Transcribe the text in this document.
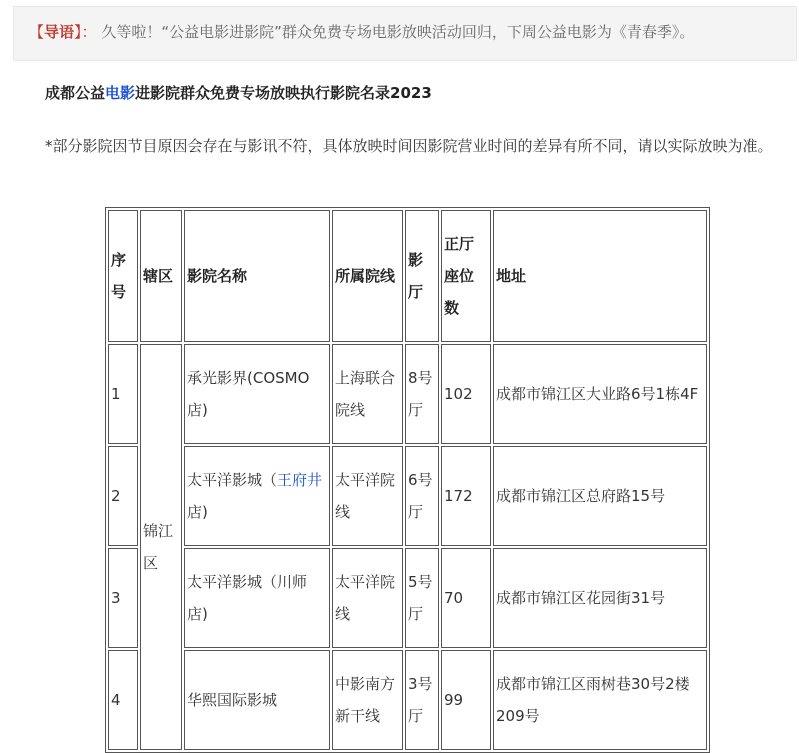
【导语】： 久等啦！“公益电影进影院”群众免费专场电影放映活动回归，下周公益电影为《青春季》。
成都公益电影进影院群众免费专场放映执行影院名录2023
*部分影院因节目原因会存在与影讯不符，具体放映时间因影院营业时间的差异有所不同，请以实际放映为准。
序号	辖区	影院名称	所属院线	影厅	正厅座位数	地址
1	锦江区	承光影界(COSMO店)	上海联合院线	8号厅	102	成都市锦江区大业路6号1栋4F
2		太平洋影城（王府井店)	太平洋院线	6号厅	172	成都市锦江区总府路15号
3		太平洋影城（川师店)	太平洋院线	5号厅	70	成都市锦江区花园街31号
4		华熙国际影城	中影南方新干线	3号厅	99	成都市锦江区雨树巷30号2楼209号
